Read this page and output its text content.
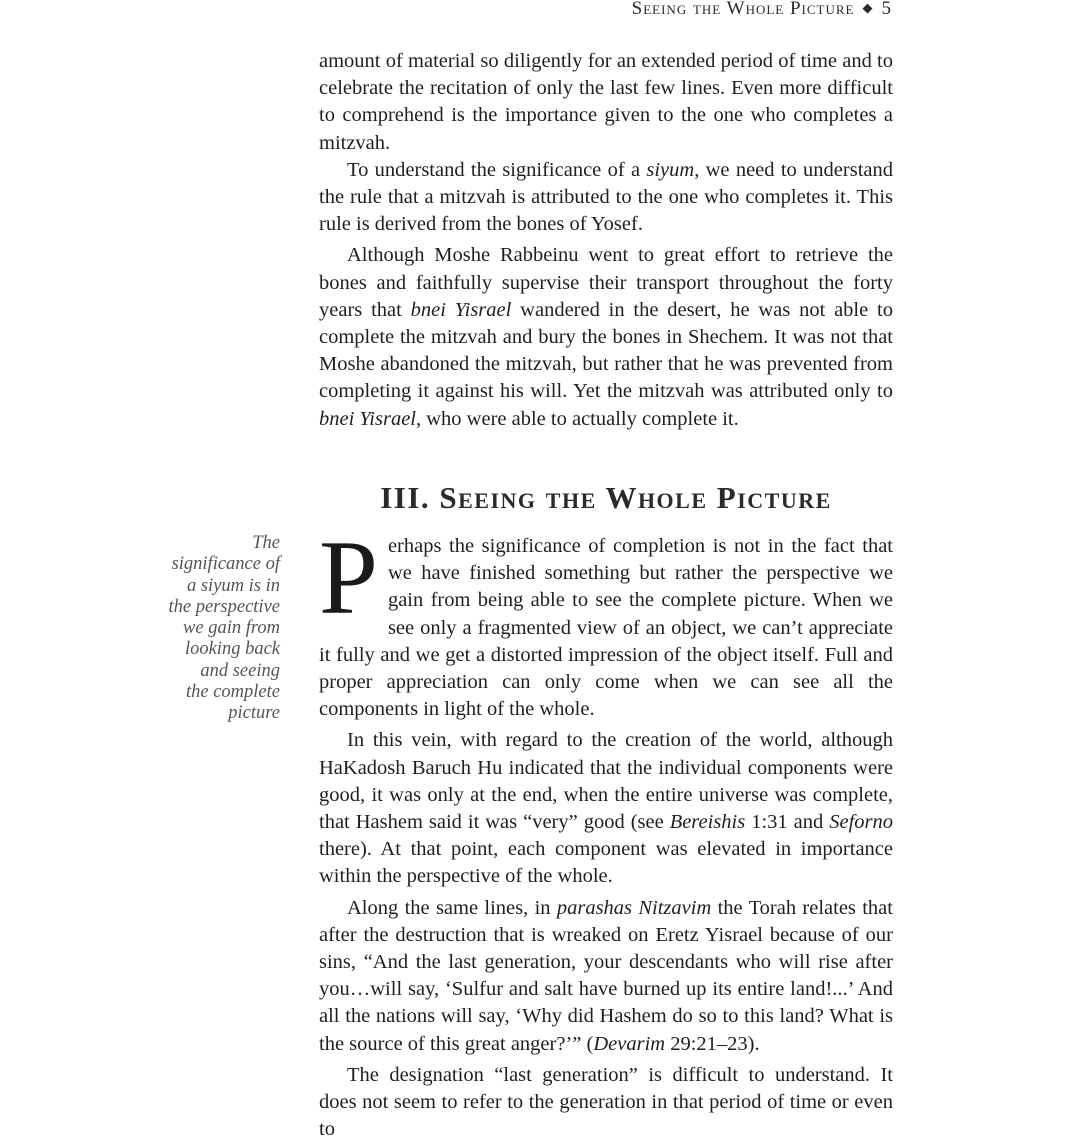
Seeing the Whole Picture ◆ 5

amount of material so diligently for an extended period of time and to celebrate the recitation of only the last few lines. Even more difficult to comprehend is the importance given to the one who completes a mitzvah.

To understand the significance of a siyum, we need to understand the rule that a mitzvah is attributed to the one who completes it. This rule is derived from the bones of Yosef.

Although Moshe Rabbeinu went to great effort to retrieve the bones and faithfully supervise their transport throughout the forty years that bnei Yisrael wandered in the desert, he was not able to complete the mitzvah and bury the bones in Shechem. It was not that Moshe abandoned the mitzvah, but rather that he was prevented from completing it against his will. Yet the mitzvah was attributed only to bnei Yisrael, who were able to actually complete it.

III. Seeing the Whole Picture
The
significance of
a siyum is in
the perspective
we gain from
looking back
and seeing
the complete
picture

Perhaps the significance of completion is not in the fact that we have finished something but rather the perspective we gain from being able to see the complete picture. When we see only a fragmented view of an object, we can’t appreciate it fully and we get a distorted impression of the object itself. Full and proper appreciation can only come when we can see all the components in light of the whole.

In this vein, with regard to the creation of the world, although HaKadosh Baruch Hu indicated that the individual components were good, it was only at the end, when the entire universe was complete, that Hashem said it was “very” good (see Bereishis 1:31 and Seforno there). At that point, each component was elevated in importance within the perspective of the whole.

Along the same lines, in parashas Nitzavim the Torah relates that after the destruction that is wreaked on Eretz Yisrael because of our sins, “And the last generation, your descendants who will rise after you…will say, ‘Sulfur and salt have burned up its entire land!...’ And all the nations will say, ‘Why did Hashem do so to this land? What is the source of this great anger?’” (Devarim 29:21–23).

The designation “last generation” is difficult to understand. It does not seem to refer to the generation in that period of time or even to
